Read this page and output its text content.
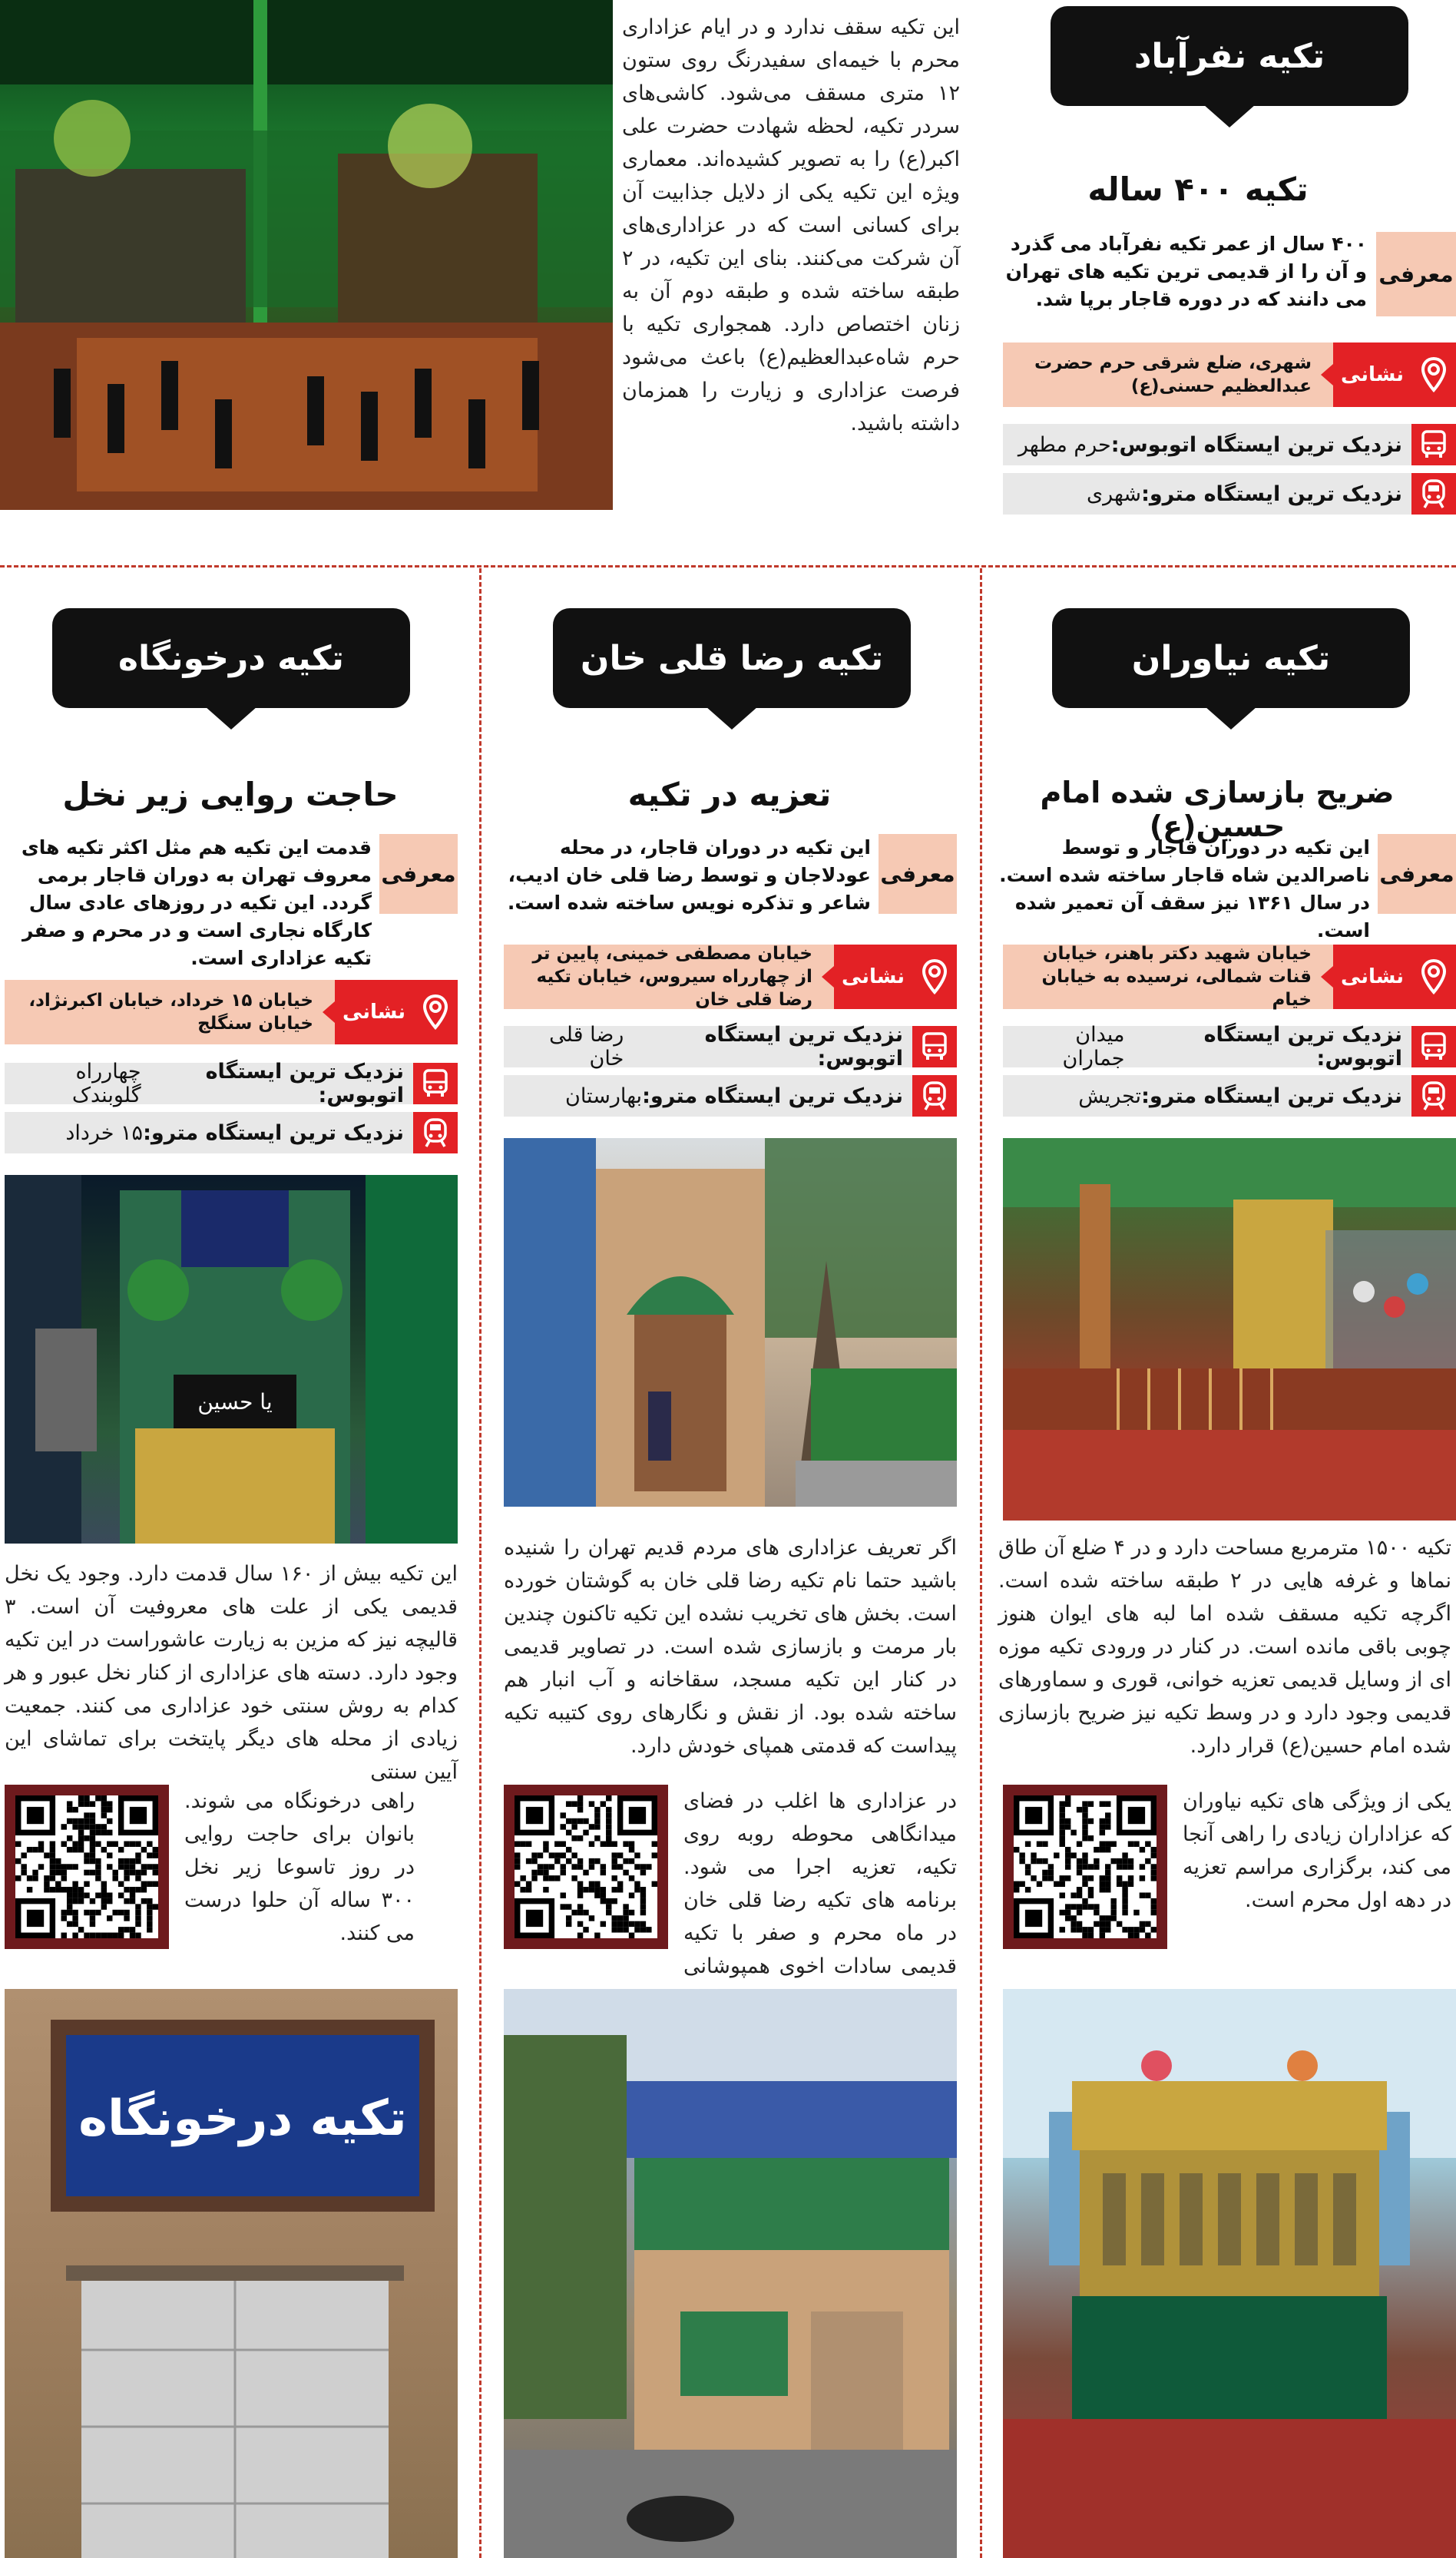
تکیه نفرآباد
تکیه ۴۰۰ ساله
معرفی
۴۰۰ سال از عمر تکیه نفرآباد می گذرد و آن را از قدیمی ترین تکیه های تهران می دانند که در دوره قاجار برپا شد.
نشانی
شهری، ضلع شرقی حرم حضرت عبدالعظیم حسنی(ع)
نزدیک ترین ایستگاه اتوبوس:
حرم مطهر
نزدیک ترین ایستگاه مترو:
شهری
این تکیه سقف ندارد و در ایام عزاداری محرم با خیمه‌ای سفیدرنگ روی ستون ۱۲ متری مسقف می‌شود. کاشی‌های سردر تکیه، لحظه شهادت حضرت علی اکبر(ع) را به تصویر کشیده‌اند. معماری ویژه این تکیه یکی از دلایل جذابیت آن برای کسانی است که در عزاداری‌های آن شرکت می‌کنند. بنای این تکیه، در ۲ طبقه ساخته شده و طبقه دوم آن به زنان اختصاص دارد. همجواری تکیه با حرم شاه‌عبدالعظیم(ع) باعث می‌شود فرصت عزاداری و زیارت را همزمان داشته باشید.
تکیه نیاوران
ضریح بازسازی شده امام حسین(ع)
معرفی
این تکیه در دوران قاجار و توسط ناصرالدین شاه قاجار ساخته شده است. در سال ۱۳۶۱ نیز سقف آن تعمیر شده است.
نشانی
خیابان شهید دکتر باهنر، خیابان قنات شمالی، نرسیده به خیابان خیام
نزدیک ترین ایستگاه اتوبوس:
میدان جماران
نزدیک ترین ایستگاه مترو:
تجریش
تکیه ۱۵۰۰ مترمربع مساحت دارد و در ۴ ضلع آن طاق نماها و غرفه هایی در ۲ طبقه ساخته شده است. اگرچه تکیه مسقف شده اما لبه های ایوان هنوز چوبی باقی مانده است. در کنار در ورودی تکیه موزه ای از وسایل قدیمی تعزیه خوانی، قوری و سماورهای قدیمی وجود دارد و در وسط تکیه نیز ضریح بازسازی شده امام حسین(ع) قرار دارد.
یکی از ویژگی های تکیه نیاوران که عزاداران زیادی را راهی آنجا می کند، برگزاری مراسم تعزیه در دهه اول محرم است.
تکیه رضا قلی خان
تعزیه در تکیه
معرفی
این تکیه در دوران قاجار، در محله عودلاجان و توسط رضا قلی خان ادیب، شاعر و تذکره نویس ساخته شده است.
نشانی
خیابان مصطفی خمینی، پایین تر از چهارراه سیروس، خیابان تکیه رضا قلی خان
نزدیک ترین ایستگاه اتوبوس:
رضا قلی خان
نزدیک ترین ایستگاه مترو:
بهارستان
اگر تعریف عزاداری های مردم قدیم تهران را شنیده باشید حتما نام تکیه رضا قلی خان به گوشتان خورده است. بخش های تخریب نشده این تکیه تاکنون چندین بار مرمت و بازسازی شده است. در تصاویر قدیمی در کنار این تکیه مسجد، سقاخانه و آب انبار هم ساخته شده بود. از نقش و نگارهای روی کتیبه تکیه پیداست که قدمتی همپای خودش دارد.
در عزاداری ها اغلب در فضای میدانگاهی محوطه روبه روی تکیه، تعزیه اجرا می شود. برنامه های تکیه رضا قلی خان در ماه محرم و صفر با تکیه قدیمی سادات اخوی همپوشانی
تکیه درخونگاه
حاجت روایی زیر نخل
معرفی
قدمت این تکیه هم مثل اکثر تکیه های معروف تهران به دوران قاجار برمی گردد. این تکیه در روزهای عادی سال کارگاه نجاری است و در محرم و صفر تکیه عزاداری است.
نشانی
خیابان ۱۵ خرداد، خیابان اکبرنژاد، خیابان سنگلج
نزدیک ترین ایستگاه اتوبوس:
چهارراه گلوبندک
نزدیک ترین ایستگاه مترو:
۱۵ خرداد
یا حسین
این تکیه بیش از ۱۶۰ سال قدمت دارد. وجود یک نخل قدیمی یکی از علت های معروفیت آن است. ۳ قالیچه نیز که مزین به زیارت عاشوراست در این تکیه وجود دارد. دسته های عزاداری از کنار نخل عبور و هر کدام به روش سنتی خود عزاداری می کنند. جمعیت زیادی از محله های دیگر پایتخت برای تماشای این آیین سنتی
راهی درخونگاه می شوند. بانوان برای حاجت روایی در روز تاسوعا زیر نخل ۳۰۰ ساله آن حلوا درست می کنند.
تکیه درخونگاه
